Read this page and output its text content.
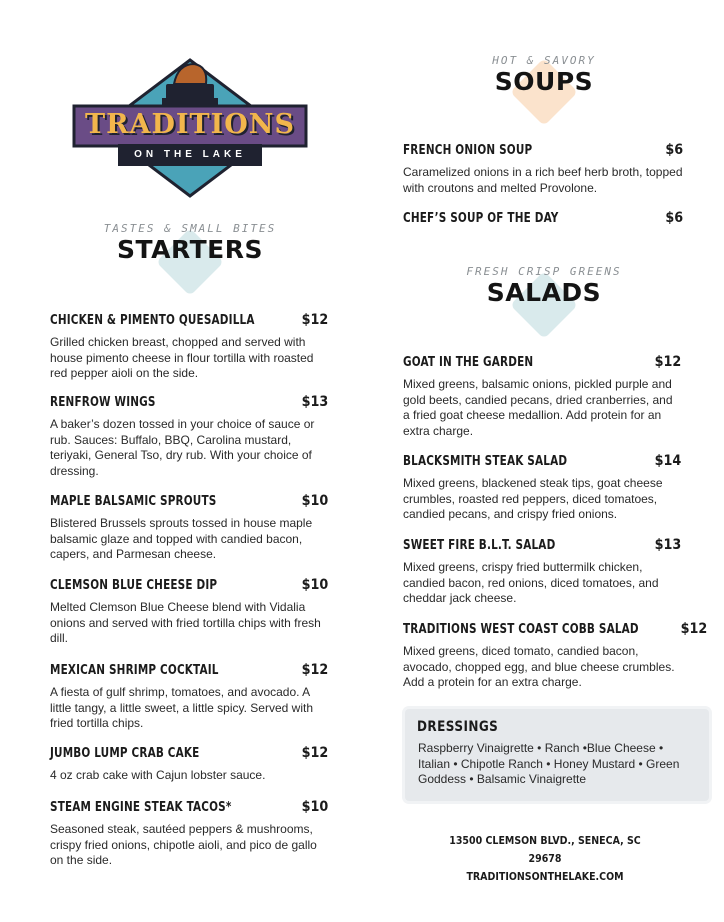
TRADITIONS
ON THE LAKE
HOT & SAVORY
SOUPS
FRENCH ONION SOUP	$6
Caramelized onions in a rich beef herb broth, topped with croutons and melted Provolone.
CHEF’S SOUP OF THE DAY	$6
TASTES & SMALL BITES
STARTERS
FRESH CRISP GREENS
SALADS
CHICKEN & PIMENTO QUESADILLA	$12
Grilled chicken breast, chopped and served with house pimento cheese in flour tortilla with roasted red pepper aioli on the side.
RENFROW WINGS	$13
A baker’s dozen tossed in your choice of sauce or rub. Sauces: Buffalo, BBQ, Carolina mustard, teriyaki, General Tso, dry rub. With your choice of dressing.
MAPLE BALSAMIC SPROUTS	$10
Blistered Brussels sprouts tossed in house maple balsamic glaze and topped with candied bacon, capers, and Parmesan cheese.
CLEMSON BLUE CHEESE DIP	$10
Melted Clemson Blue Cheese blend with Vidalia onions and served with fried tortilla chips with fresh dill.
MEXICAN SHRIMP COCKTAIL	$12
A fiesta of gulf shrimp, tomatoes, and avocado. A little tangy, a little sweet, a little spicy. Served with fried tortilla chips.
JUMBO LUMP CRAB CAKE	$12
4 oz crab cake with Cajun lobster sauce.
STEAM ENGINE STEAK TACOS*	$10
Seasoned steak, sautéed peppers & mushrooms, crispy fried onions, chipotle aioli, and pico de gallo on the side.
GOAT IN THE GARDEN	$12
Mixed greens, balsamic onions, pickled purple and gold beets, candied pecans, dried cranberries, and a fried goat cheese medallion. Add protein for an extra charge.
BLACKSMITH STEAK SALAD	$14
Mixed greens, blackened steak tips, goat cheese crumbles, roasted red peppers, diced tomatoes, candied pecans, and crispy fried onions.
SWEET FIRE B.L.T. SALAD	$13
Mixed greens, crispy fried buttermilk chicken, candied bacon, red onions, diced tomatoes, and cheddar jack cheese.
TRADITIONS WEST COAST COBB SALAD	$12
Mixed greens, diced tomato, candied bacon, avocado, chopped egg, and blue cheese crumbles. Add a protein for an extra charge.
DRESSINGS
Raspberry Vinaigrette • Ranch •Blue Cheese • Italian • Chipotle Ranch • Honey Mustard • Green Goddess • Balsamic Vinaigrette
13500 CLEMSON BLVD., SENECA, SC 29678
TRADITIONSONTHELAKE.COM
